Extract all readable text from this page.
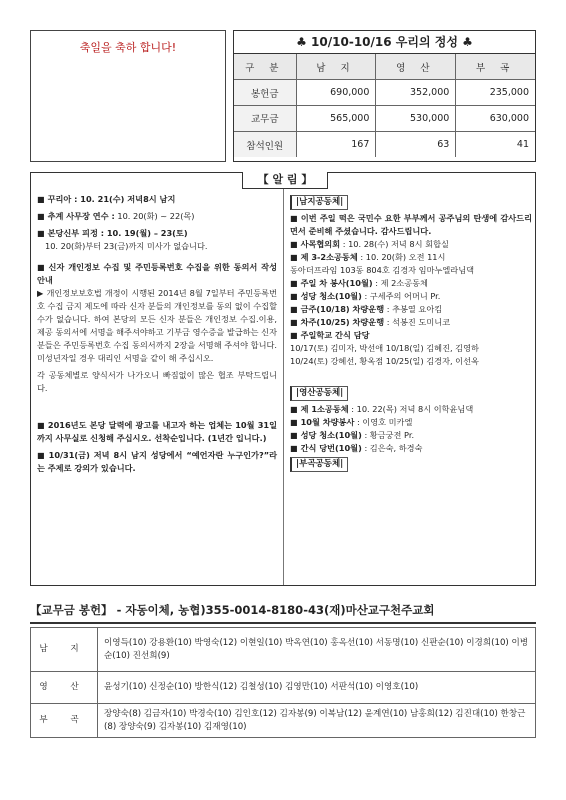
축일을 축하 합니다!	♣ 10/10-10/16 우리의 정성 ♣
구 분	남 지	영 산	부 곡
봉헌금	690,000	352,000	235,000
교무금	565,000	530,000	630,000
참석인원	167	63	41
【 알 림 】

■ 꾸리아 : 10. 21(수) 저녁8시 남지

■ 추계 사무장 연수 : 10. 20(화) ~ 22(목)

■ 본당신부 피정 : 10. 19(월) – 23(토)

10. 20(화)부터 23(금)까지 미사가 없습니다.

■ 신자 개인정보 수집 및 주민등록번호 수집을 위한 동의서 작성 안내

▶ 개인정보보호법 개정이 시행된 2014년 8월 7일부터 주민등록번호 수집 금지 제도에 따라 신자 분들의 개인정보를 동의 없이 수집할 수가 없습니다. 하여 본당의 모든 신자 분들은 개인정보 수집.이용,제공 동의서에 서명을 해주셔야하고 기부금 영수증을 발급하는 신자 분들은 주민등록번호 수집 동의서까지 2장을 서명해 주셔야 합니다. 미성년자일 경우 대리인 서명을 같이 해 주십시오.

각 공동체별로 양식서가 나가오니 빠짐없이 많은 협조 부탁드립니다.

■ 2016년도 본당 달력에 광고를 내고자 하는 업체는 10월 31일 까지 사무실로 신청해 주십시오. 선착순입니다. (1년간 입니다.)

■ 10/31(금) 저녁 8시 남지 성당에서 “예언자란 누구인가?”라는 주제로 강의가 있습니다.

|남지공동체|

■ 이번 주일 떡은 국민수 요한 부부께서 공주님의 탄생에 감사드리면서 준비해 주셨습니다. 감사드립니다.

■ 사목협의회 : 10. 28(수) 저녁 8시 회합실

■ 제 3-2소공동체 : 10. 20(화) 오전 11시

동아더프라임 103동 804호 김경자 임마누엘라님댁

■ 주일 차 봉사(10월) : 제 2소공동체

■ 성당 청소(10월) : 구세주의 어머니 Pr.

■ 금주(10/18) 차량운행 : 추봉열 요아킴

■ 차주(10/25) 차량운행 : 석봉진 도미니코

■ 주일학교 간식 담당

10/17(토) 김미자, 박선애 10/18(일) 김혜진, 김영하

10/24(토) 강혜선, 황옥점 10/25(일) 김경자, 이선옥

|영산공동체|

■ 제 1소공동체 : 10. 22(목) 저녁 8시 이학윤님댁

■ 10월 차량봉사 : 이영호 미카엘

■ 성당 청소(10월) : 황금궁전 Pr.

■ 간식 당번(10월) : 김은숙, 하경숙

|부곡공동체|
【교무금 봉헌】 - 자동이체, 농협)355-0014-8180-43(재)마산교구천주교회
남 지	이영득(10) 강용환(10) 박영숙(12) 이현일(10) 박옥연(10) 홍옥선(10) 서동명(10) 신판순(10) 이경희(10) 이병순(10) 진선희(9)
영 산	윤성기(10) 신정순(10) 방한식(12) 김철성(10) 김영만(10) 서판석(10) 이영호(10)
부 곡	장양숙(8) 김금자(10) 박경숙(10) 김인호(12) 김자봉(9) 이복남(12) 윤계연(10) 남홍희(12) 김진대(10) 한창근(8) 장양숙(9) 김자봉(10) 김재영(10)
